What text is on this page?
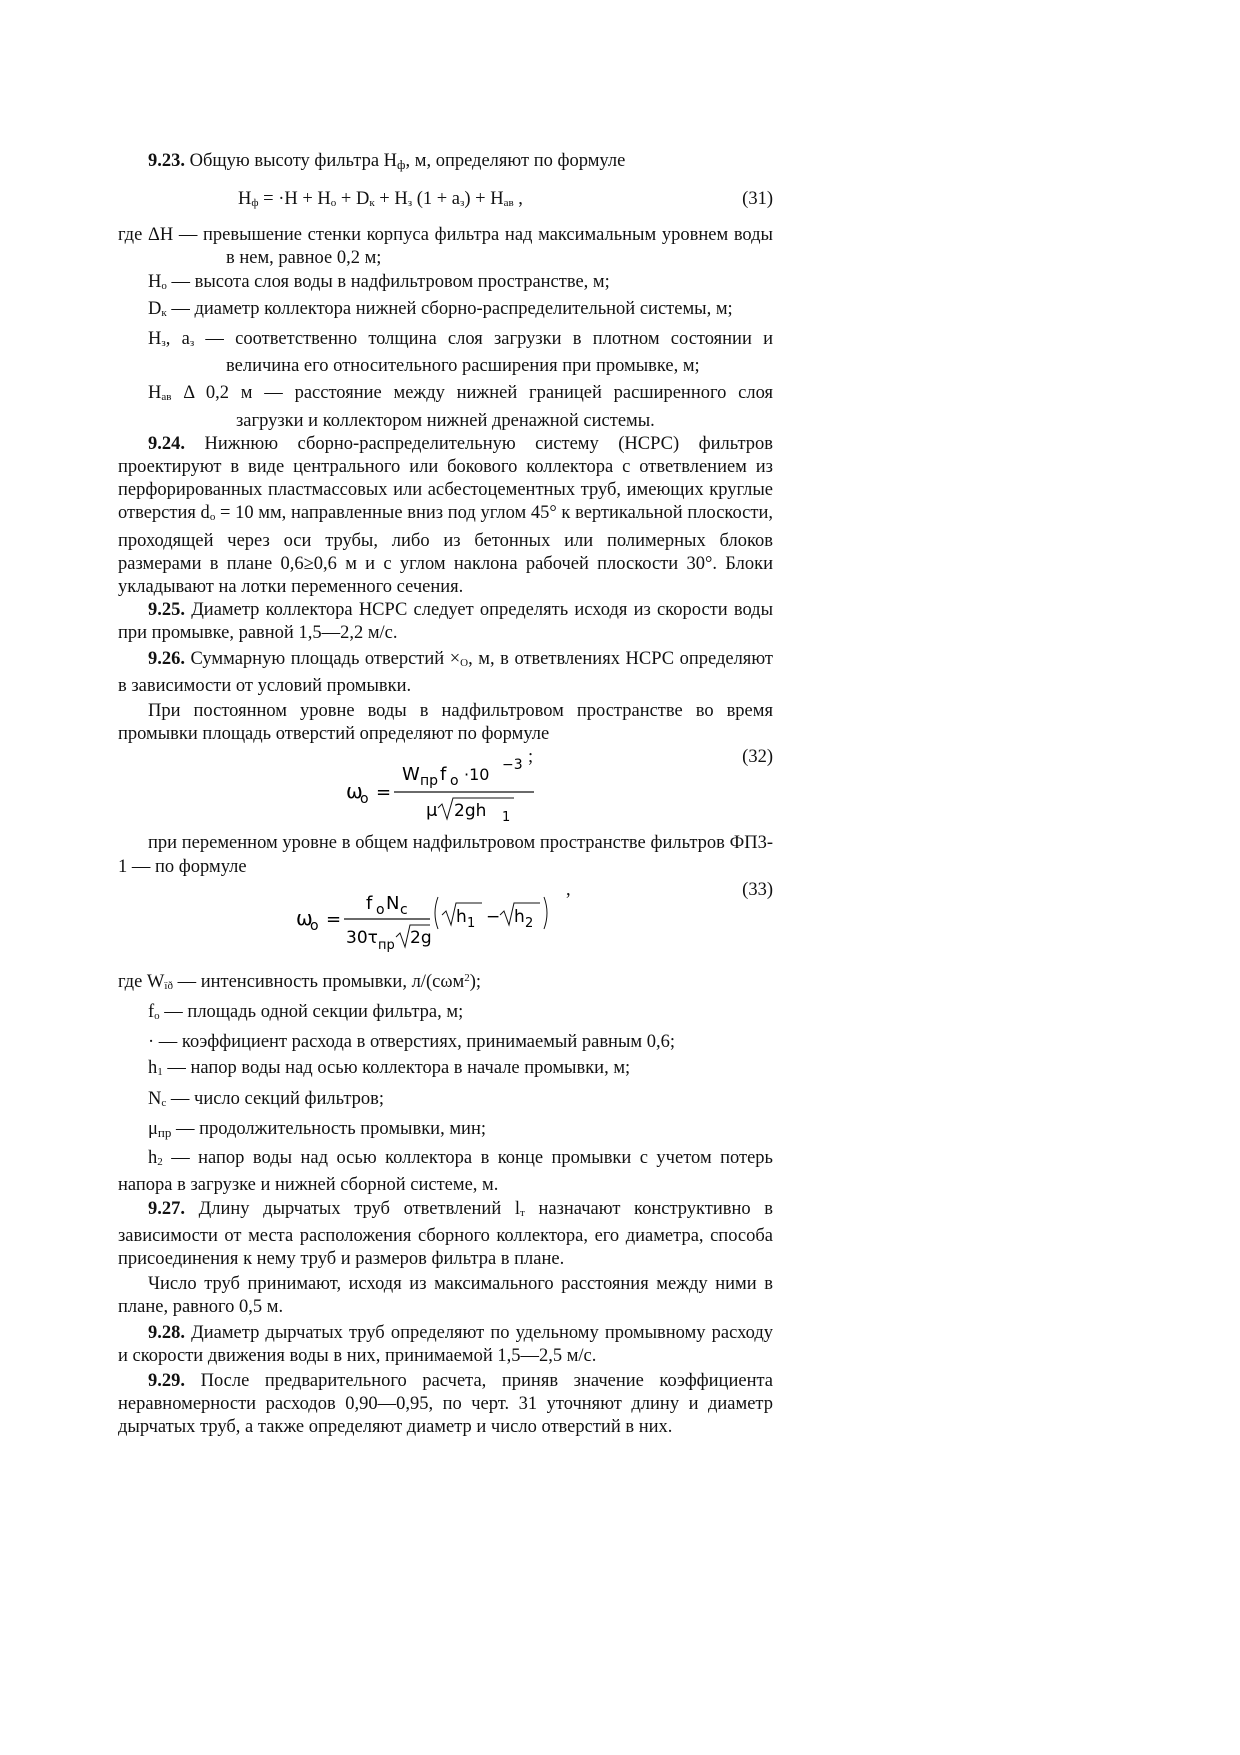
9.23. Общую высоту фильтра Нф, м, определяют по формуле

Нф = ·Н + Но + Dк + Нз (1 + аз) + Нав ,	(31)

где ΔН — превышение стенки корпуса фильтра над максимальным уровнем воды в нем, равное 0,2 м;

Но — высота слоя воды в надфильтровом пространстве, м;

Dк — диаметр коллектора нижней сборно-распределительной системы, м;

Нз, аз — соответственно толщина слоя загрузки в плотном состоянии и величина его относительного расширения при промывке, м;

Нав Δ 0,2 м — расстояние между нижней границей расширенного слоя загрузки и коллектором нижней дренажной системы.

9.24. Нижнюю сборно-распределительную систему (НСРС) фильтров проектируют в виде центрального или бокового коллектора с ответвлением из перфорированных пластмассовых или асбестоцементных труб, имеющих круглые отверстия dо = 10 мм, направленные вниз под углом 45° к вертикальной плоскости, проходящей через оси трубы, либо из бетонных или полимерных блоков размерами в плане 0,6≥0,6 м и с углом наклона рабочей плоскости 30°. Блоки укладывают на лотки переменного сечения.

9.25. Диаметр коллектора НСРС следует определять исходя из скорости воды при промывке, равной 1,5—2,2 м/с.

9.26. Суммарную площадь отверстий ×О, м, в ответвлениях НСРС определяют в зависимости от условий промывки.

При постоянном уровне воды в надфильтровом пространстве во время промывки площадь отверстий определяют по формуле

;	(32)
ω
о =
W пр f о ·10 −3
μ 2gh 1

при переменном уровне в общем надфильтровом пространстве фильтров ФП3-1 — по формуле

,	(33)
ω
о =
f о N с
30τ пр 2g
h 1 − h 2

где Wїð — интенсивность промывки, л/(сωм$^2$);

fо — площадь одной секции фильтра, м;

· — коэффициент расхода в отверстиях, принимаемый равным 0,6;

h1 — напор воды над осью коллектора в начале промывки, м;

Nс — число секций фильтров;

μпр — продолжительность промывки, мин;

h2 — напор воды над осью коллектора в конце промывки с учетом потерь напора в загрузке и нижней сборной системе, м.

9.27. Длину дырчатых труб ответвлений lт назначают конструктивно в зависимости от места расположения сборного коллектора, его диаметра, способа присоединения к нему труб и размеров фильтра в плане.

Число труб принимают, исходя из максимального расстояния между ними в плане, равного 0,5 м.

9.28. Диаметр дырчатых труб определяют по удельному промывному расходу и скорости движения воды в них, принимаемой 1,5—2,5 м/с.

9.29. После предварительного расчета, приняв значение коэффициента неравномерности расходов 0,90—0,95, по черт. 31 уточняют длину и диаметр дырчатых труб, а также определяют диаметр и число отверстий в них.
